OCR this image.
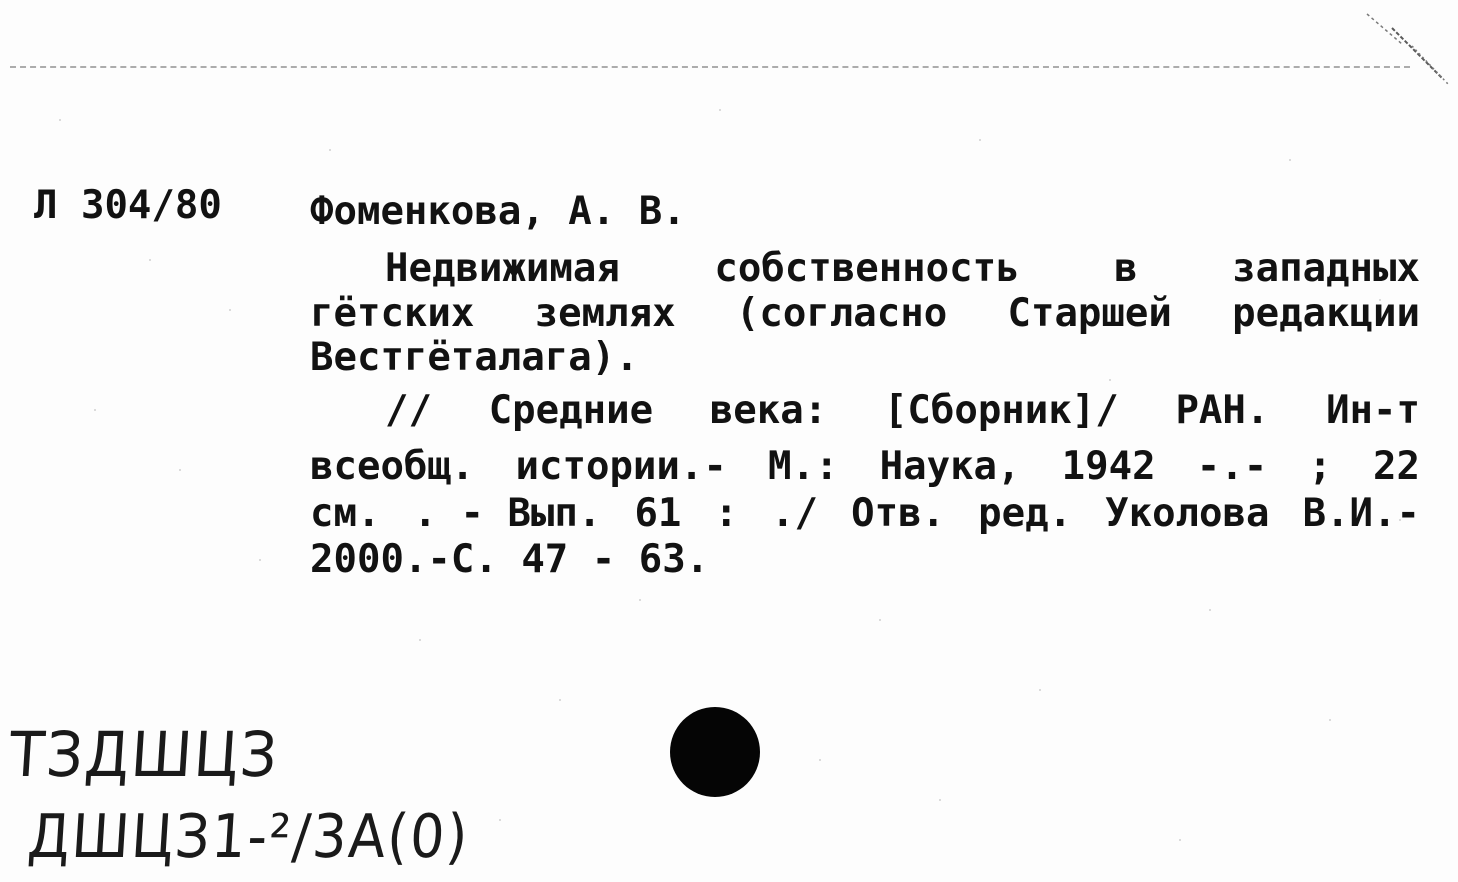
Л 304/80 Фоменкова, А. В.
Недвижимая собственность в западных
гётских землях (согласно Старшей редакции
Вестгёталага).
// Средние века: [Сборник]/ РАН. Ин-т
всеобщ. истории.- М.: Наука, 1942 -.- ; 22
см. . - Вып. 61 : ./ Отв. ред. Уколова В.И.-
2000.-С. 47 - 63.
ТЗДШЦЗ
ДШЦЗ1-²/3А(0)
